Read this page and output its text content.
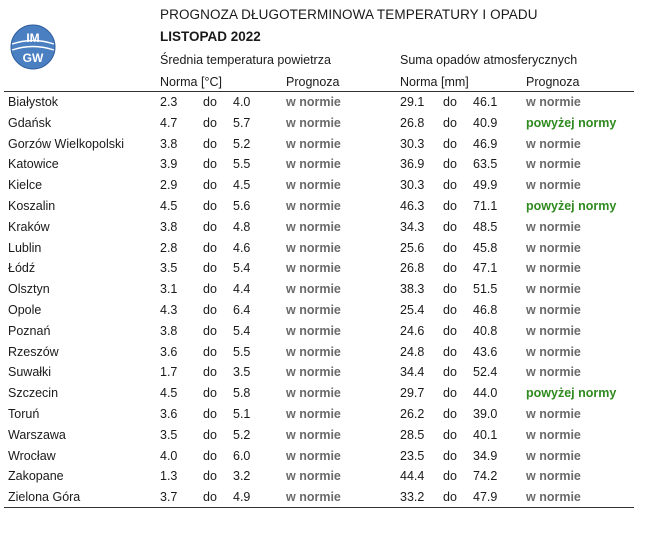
IM
GW
PROGNOZA DŁUGOTERMINOWA TEMPERATURY I OPADU
LISTOPAD 2022
Średnia temperatura powietrza	Suma opadów atmosferycznych
Norma [°C]	Prognoza	Norma [mm]	Prognoza
Białystok	2.3 do 4.0	w normie	29.1 do 46.1 w normie
Gdańsk	4.7 do 5.7	w normie	26.8 do 40.9 powyżej normy
Gorzów Wielkopolski	3.8 do 5.2	w normie	30.3 do 46.9 w normie
Katowice	3.9 do 5.5	w normie	36.9 do 63.5 w normie
Kielce	2.9 do 4.5	w normie	30.3 do 49.9 w normie
Koszalin	4.5 do 5.6	w normie	46.3 do 71.1 powyżej normy
Kraków	3.8 do 4.8	w normie	34.3 do 48.5 w normie
Lublin	2.8 do 4.6	w normie	25.6 do 45.8 w normie
Łódź	3.5 do 5.4	w normie	26.8 do 47.1 w normie
Olsztyn	3.1 do 4.4	w normie	38.3 do 51.5 w normie
Opole	4.3 do 6.4	w normie	25.4 do 46.8 w normie
Poznań	3.8 do 5.4	w normie	24.6 do 40.8 w normie
Rzeszów	3.6 do 5.5	w normie	24.8 do 43.6 w normie
Suwałki	1.7 do 3.5	w normie	34.4 do 52.4 w normie
Szczecin	4.5 do 5.8	w normie	29.7 do 44.0 powyżej normy
Toruń	3.6 do 5.1	w normie	26.2 do 39.0 w normie
Warszawa	3.5 do 5.2	w normie	28.5 do 40.1 w normie
Wrocław	4.0 do 6.0	w normie	23.5 do 34.9 w normie
Zakopane	1.3 do 3.2	w normie	44.4 do 74.2 w normie
Zielona Góra	3.7 do 4.9	w normie	33.2 do 47.9 w normie
